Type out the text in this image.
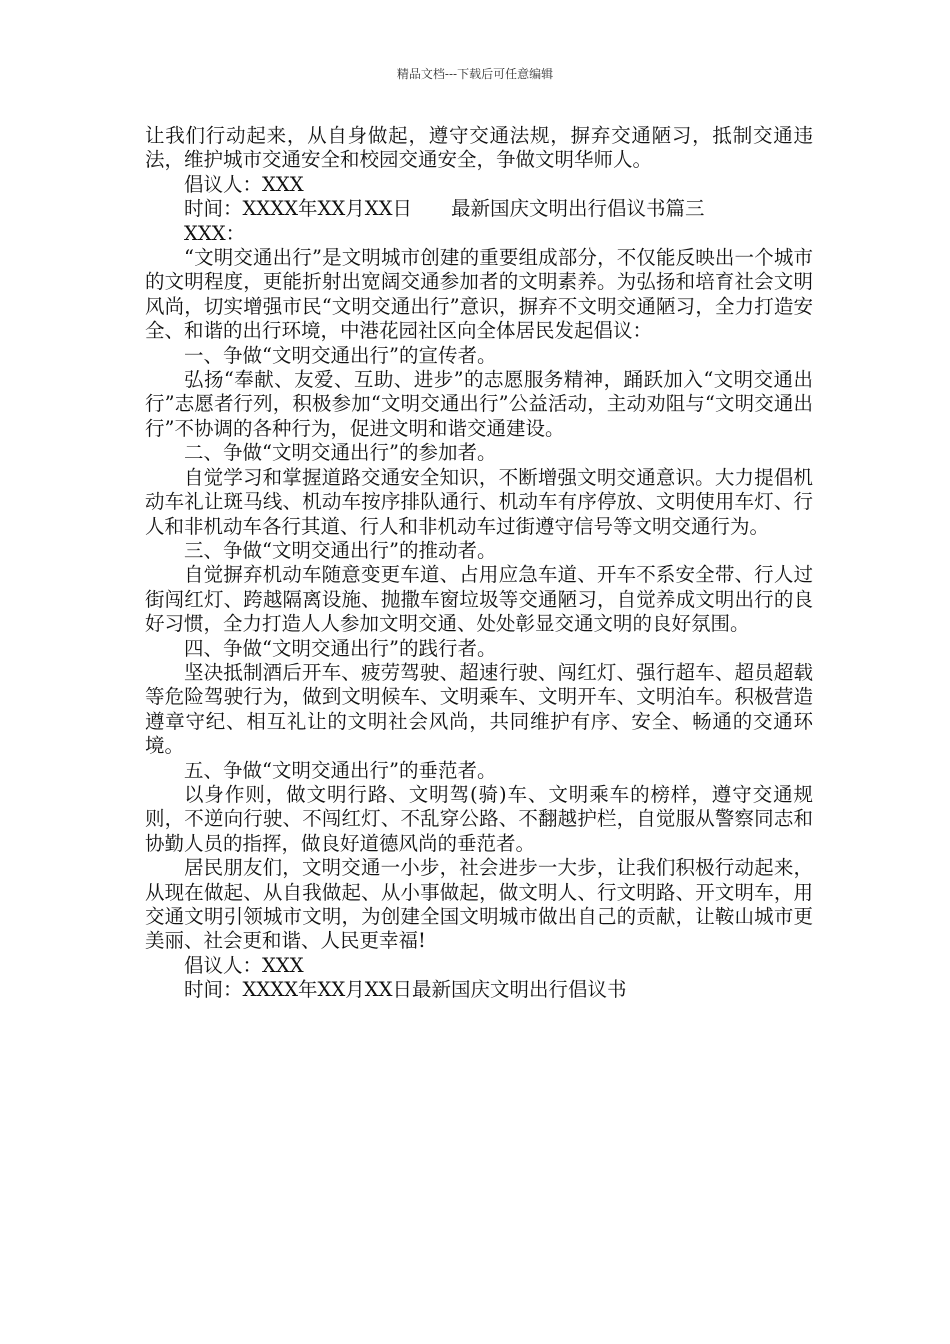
精品文档---下载后可任意编辑

让我们行动起来，从自身做起，遵守交通法规，摒弃交通陋习，抵制交通违法，维护城市交通安全和校园交通安全，争做文明华师人。

倡议人：XXX

时间：XXXX年XX月XX日　　最新国庆文明出行倡议书篇三

XXX：

“文明交通出行”是文明城市创建的重要组成部分，不仅能反映出一个城市的文明程度，更能折射出宽阔交通参加者的文明素养。为弘扬和培育社会文明风尚，切实增强市民“文明交通出行”意识，摒弃不文明交通陋习，全力打造安全、和谐的出行环境，中港花园社区向全体居民发起倡议：

一、争做“文明交通出行”的宣传者。

弘扬“奉献、友爱、互助、进步”的志愿服务精神，踊跃加入“文明交通出行”志愿者行列，积极参加“文明交通出行”公益活动，主动劝阻与“文明交通出行”不协调的各种行为，促进文明和谐交通建设。

二、争做“文明交通出行”的参加者。

自觉学习和掌握道路交通安全知识，不断增强文明交通意识。大力提倡机动车礼让斑马线、机动车按序排队通行、机动车有序停放、文明使用车灯、行人和非机动车各行其道、行人和非机动车过街遵守信号等文明交通行为。

三、争做“文明交通出行”的推动者。

自觉摒弃机动车随意变更车道、占用应急车道、开车不系安全带、行人过街闯红灯、跨越隔离设施、抛撒车窗垃圾等交通陋习，自觉养成文明出行的良好习惯，全力打造人人参加文明交通、处处彰显交通文明的良好氛围。

四、争做“文明交通出行”的践行者。

坚决抵制酒后开车、疲劳驾驶、超速行驶、闯红灯、强行超车、超员超载等危险驾驶行为，做到文明候车、文明乘车、文明开车、文明泊车。积极营造遵章守纪、相互礼让的文明社会风尚，共同维护有序、安全、畅通的交通环境。

五、争做“文明交通出行”的垂范者。

以身作则，做文明行路、文明驾(骑)车、文明乘车的榜样，遵守交通规则，不逆向行驶、不闯红灯、不乱穿公路、不翻越护栏，自觉服从警察同志和协勤人员的指挥，做良好道德风尚的垂范者。

居民朋友们，文明交通一小步，社会进步一大步，让我们积极行动起来，从现在做起、从自我做起、从小事做起，做文明人、行文明路、开文明车，用交通文明引领城市文明，为创建全国文明城市做出自己的贡献，让鞍山城市更美丽、社会更和谐、人民更幸福!

倡议人：XXX

时间：XXXX年XX月XX日最新国庆文明出行倡议书
